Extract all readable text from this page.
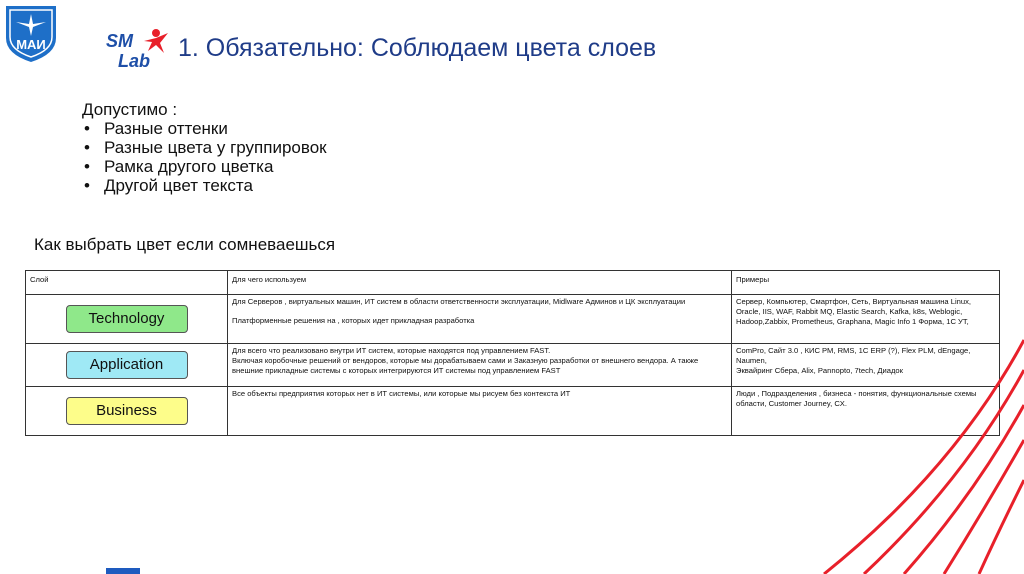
МАИ	SM
Lab 1. Обязательно: Соблюдаем цвета слоев
Допустимо :
• Разные оттенки
• Разные цвета у группировок
• Рамка другого цветка
• Другой цвет текста
Как выбрать цвет если сомневаешься
Слой	Для чего используем	Примеры
Technology	Для Серверов , виртуальных машин, ИТ систем в области ответственности эксплуатации, Midlware Админов и ЦК эксплуатации
Платформенные решения на , которых идет прикладная разработка	Сервер, Компьютер, Смартфон, Сеть, Виртуальная машина Linux, Oracle, IIS, WAF, Rabbit MQ, Elastic Search, Kafka, k8s, Weblogic, Hadoop,Zabbix, Prometheus, Graphana, Magic Info 1 Форма, 1С УТ,
Application	Для всего что реализовано внутри ИТ систем, которые находятся под управлением FAST.
Включая коробочные решений от вендоров, которые мы дорабатываем сами и Заказную разработки от внешнего вендора. А также внешние прикладные системы с которых интегрируются ИТ системы под управлением FAST	ComPro, Сайт 3.0 , КИС РМ, RMS, 1С ERP (?), Flex PLM, dEngage, Naumen,
Эквайринг Сбера, Alix, Pannopto, 7tech, Диадок

Business	Все объекты предприятия которых нет в ИТ системы, или которые мы рисуем без контекста ИТ	Люди , Подразделения , бизнеса - понятия, функциональные схемы области, Customer Journey, CX.
